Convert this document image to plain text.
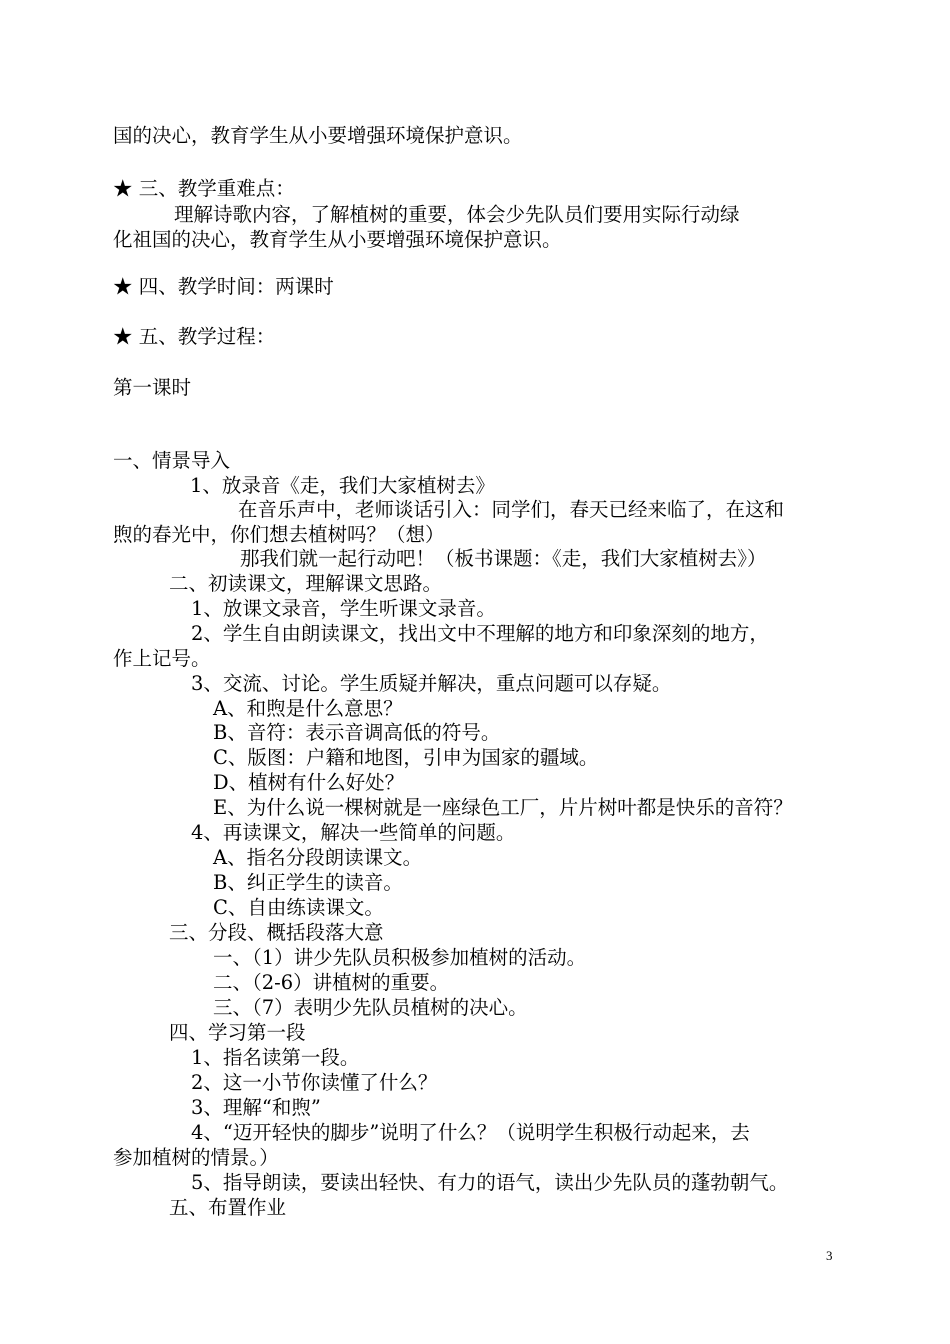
国的决心，教育学生从小要增强环境保护意识。
★ 三、教学重难点：
理解诗歌内容，了解植树的重要，体会少先队员们要用实际行动绿
化祖国的决心，教育学生从小要增强环境保护意识。
★ 四、教学时间：两课时
★ 五、教学过程：
第一课时
一、情景导入
1、放录音《走，我们大家植树去》
在音乐声中，老师谈话引入：同学们，春天已经来临了，在这和
煦的春光中，你们想去植树吗？（想）
那我们就一起行动吧！（板书课题：《走，我们大家植树去》）
二、初读课文，理解课文思路。
1、放课文录音，学生听课文录音。
2、学生自由朗读课文，找出文中不理解的地方和印象深刻的地方，
作上记号。
3、交流、讨论。学生质疑并解决，重点问题可以存疑。
A、和煦是什么意思？
B、音符：表示音调高低的符号。
C、版图：户籍和地图，引申为国家的疆域。
D、植树有什么好处？
E、为什么说一棵树就是一座绿色工厂，片片树叶都是快乐的音符？
4、再读课文，解决一些简单的问题。
A、指名分段朗读课文。
B、纠正学生的读音。
C、自由练读课文。
三、分段、概括段落大意
一、（1）讲少先队员积极参加植树的活动。
二、（2-6）讲植树的重要。
三、（7）表明少先队员植树的决心。
四、学习第一段
1、指名读第一段。
2、这一小节你读懂了什么？
3、理解“和煦”
4、“迈开轻快的脚步”说明了什么？（说明学生积极行动起来，去
参加植树的情景。）
5、指导朗读，要读出轻快、有力的语气，读出少先队员的蓬勃朝气。
五、布置作业
3
